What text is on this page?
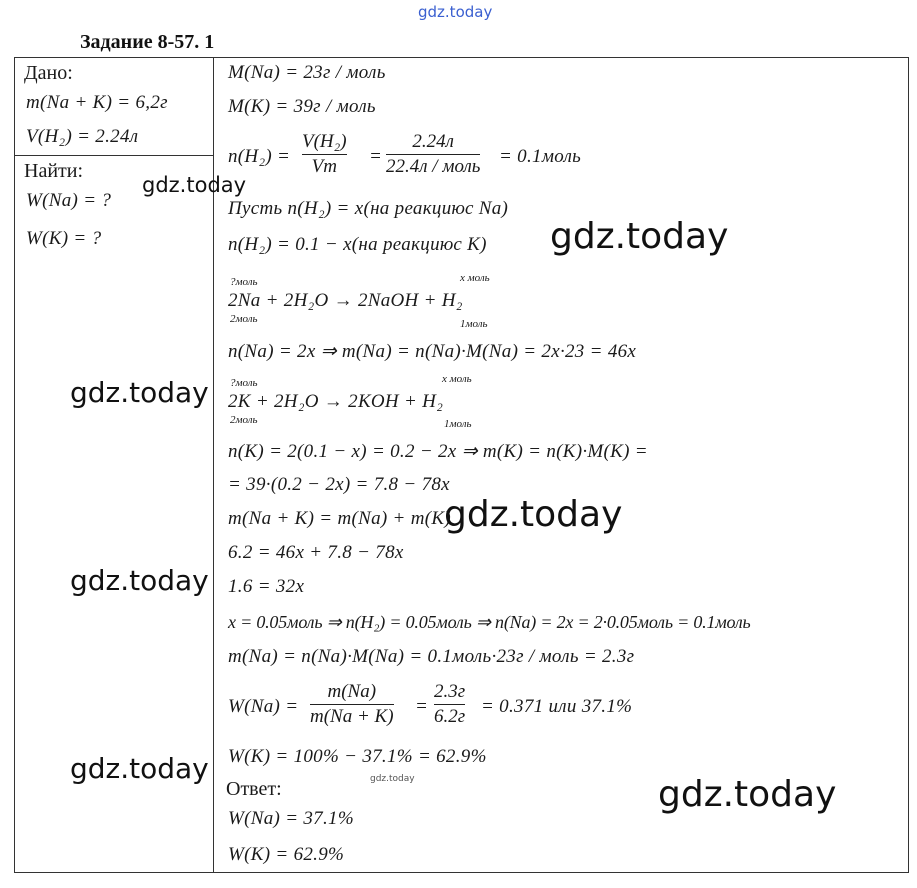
gdz.today
Задание 8-57. 1
Дано:
m(Na + K) = 6,2г
V(H₂) = 2.24л
Найти:
W(Na) = ?
W(K) = ?
M(Na) = 23г / моль
M(K) = 39г / моль
n(H₂) =
V(H₂)
Vm =
2.24л
22.4л / моль = 0.1моль
Пусть n(H₂) = x(на реакциюс Na)
n(H₂) = 0.1 − x(на реакциюс K)
?моль	x моль
2Na + 2H₂O → 2NaOH + H₂
2моль	1моль
n(Na) = 2x ⇒ m(Na) = n(Na)·M(Na) = 2x·23 = 46x
?моль	x моль
2K + 2H₂O → 2KOH + H₂
2моль	1моль
n(K) = 2(0.1 − x) = 0.2 − 2x ⇒ m(K) = n(K)·M(K) =
= 39·(0.2 − 2x) = 7.8 − 78x
m(Na + K) = m(Na) + m(K)
6.2 = 46x + 7.8 − 78x
1.6 = 32x
x = 0.05моль ⇒ n(H₂) = 0.05моль ⇒ n(Na) = 2x = 2·0.05моль = 0.1моль
m(Na) = n(Na)·M(Na) = 0.1моль·23г / моль = 2.3г
W(Na) =
m(Na)
m(Na + K) =
2.3г
6.2г = 0.371 или 37.1%
W(K) = 100% − 37.1% = 62.9%
Ответ:
W(Na) = 37.1%
W(K) = 62.9%
gdz.today
gdz.today
gdz.today
gdz.today
gdz.today
gdz.today	gdz.today	gdz.today
